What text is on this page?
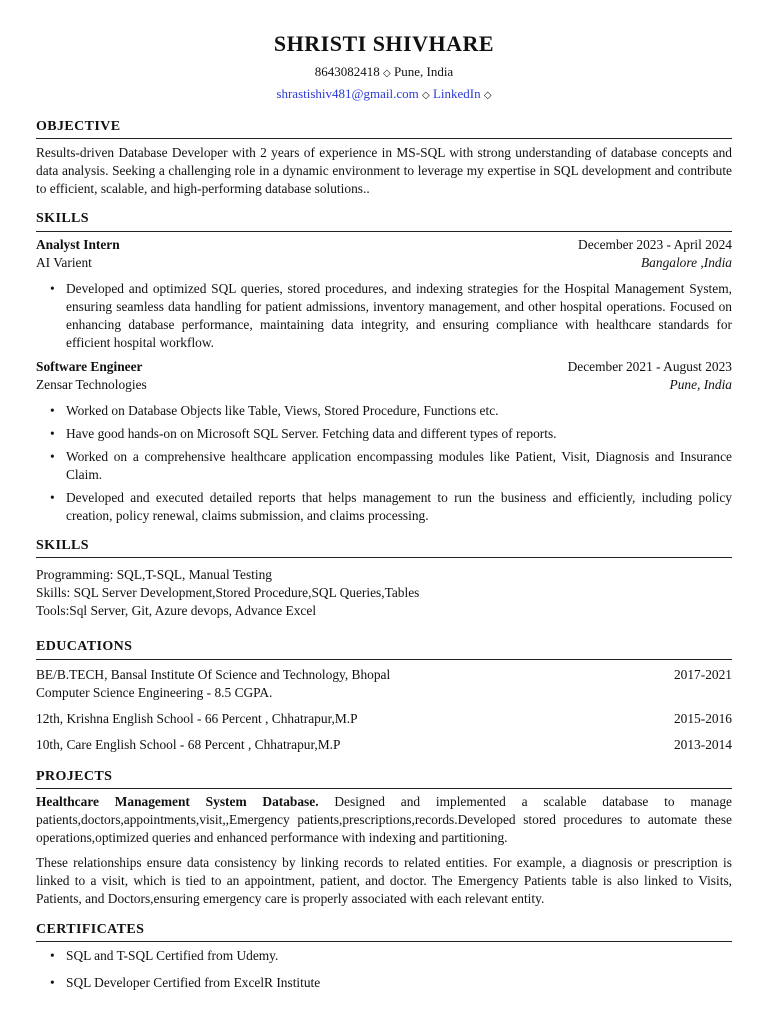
SHRISTI SHIVHARE
8643082418 ◇ Pune, India
shrastishiv481@gmail.com ◇ LinkedIn ◇
OBJECTIVE
Results-driven Database Developer with 2 years of experience in MS-SQL with strong understanding of database concepts and data analysis. Seeking a challenging role in a dynamic environment to leverage my expertise in SQL development and contribute to efficient, scalable, and high-performing database solutions..
SKILLS
Analyst Intern	December 2023 - April 2024
AI Varient	Bangalore ,India
• Developed and optimized SQL queries, stored procedures, and indexing strategies for the Hospital Management System, ensuring seamless data handling for patient admissions, inventory management, and other hospital operations. Focused on enhancing database performance, maintaining data integrity, and ensuring compliance with healthcare standards for efficient hospital workflow.
Software Engineer	December 2021 - August 2023
Zensar Technologies	Pune, India
• Worked on Database Objects like Table, Views, Stored Procedure, Functions etc.
• Have good hands-on on Microsoft SQL Server. Fetching data and different types of reports.
• Worked on a comprehensive healthcare application encompassing modules like Patient, Visit, Diagnosis and Insurance Claim.
• Developed and executed detailed reports that helps management to run the business and efficiently, including policy creation, policy renewal, claims submission, and claims processing.
SKILLS
Programming: SQL,T-SQL, Manual Testing
Skills: SQL Server Development,Stored Procedure,SQL Queries,Tables
Tools:Sql Server, Git, Azure devops, Advance Excel
EDUCATIONS
BE/B.TECH, Bansal Institute Of Science and Technology, Bhopal	2017-2021
Computer Science Engineering - 8.5 CGPA.
12th, Krishna English School - 66 Percent , Chhatrapur,M.P	2015-2016
10th, Care English School - 68 Percent , Chhatrapur,M.P	2013-2014
PROJECTS
Healthcare Management System Database. Designed and implemented a scalable database to manage patients,doctors,appointments,visit,,Emergency patients,prescriptions,records.Developed stored procedures to automate these operations,optimized queries and enhanced performance with indexing and partitioning.
These relationships ensure data consistency by linking records to related entities. For example, a diagnosis or prescription is linked to a visit, which is tied to an appointment, patient, and doctor. The Emergency Patients table is also linked to Visits, Patients, and Doctors,ensuring emergency care is properly associated with each relevant entity.
CERTIFICATES
• SQL and T-SQL Certified from Udemy.
• SQL Developer Certified from ExcelR Institute
